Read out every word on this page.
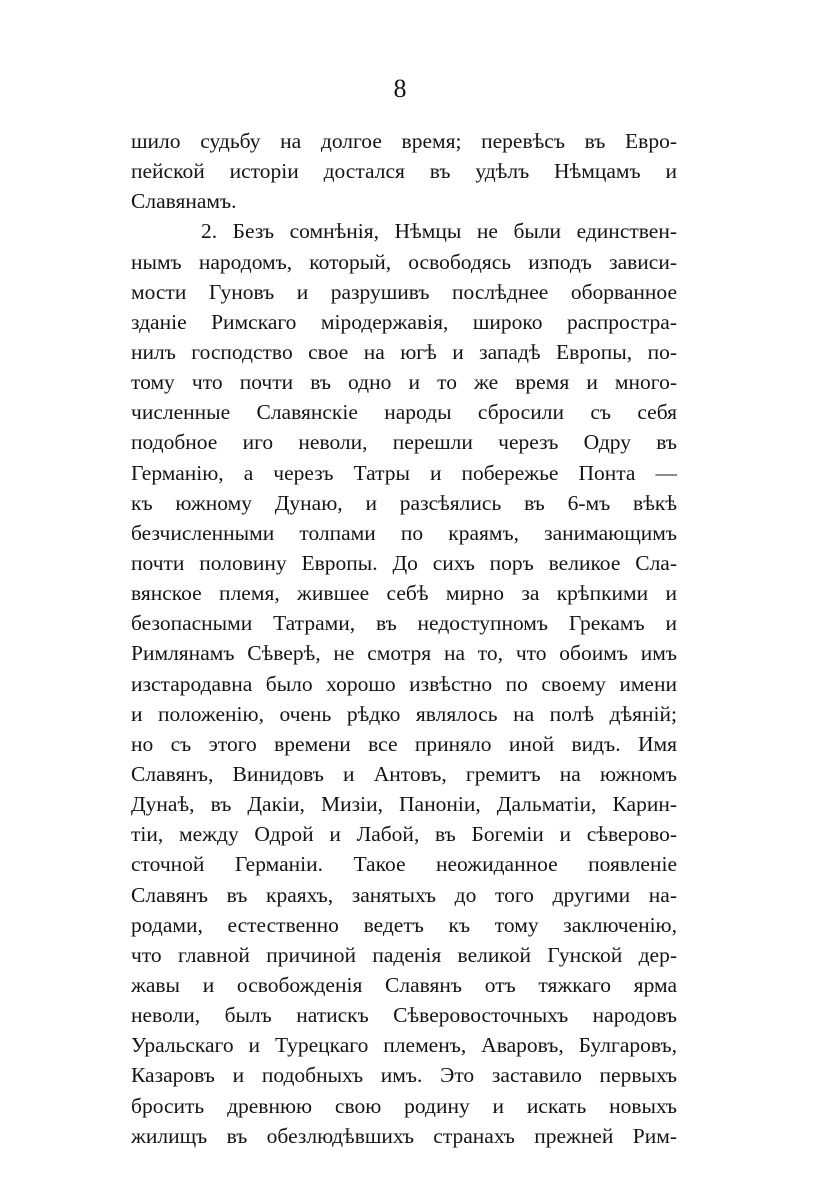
8
шило судьбу на долгое время; перевѣсъ въ Евро-
пейской исторіи достался въ удѣлъ Нѣмцамъ и
Славянамъ.
2. Безъ сомнѣнія, Нѣмцы не были единствен-
нымъ народомъ, который, освободясь изподъ зависи-
мости Гуновъ и разрушивъ послѣднее оборванное
зданіе Римскаго міродержавія, широко распростра-
нилъ господство свое на югѣ и западѣ Европы, по-
тому что почти въ одно и то же время и много-
численные Славянскіе народы сбросили съ себя
подобное иго неволи, перешли черезъ Одру въ
Германію, а черезъ Татры и побережье Понта —
къ южному Дунаю, и разсѣялись въ 6-мъ вѣкѣ
безчисленными толпами по краямъ, занимающимъ
почти половину Европы. До сихъ поръ великое Сла-
вянское племя, жившее себѣ мирно за крѣпкими и
безопасными Татрами, въ недоступномъ Грекамъ и
Римлянамъ Сѣверѣ, не смотря на то, что обоимъ имъ
изстародавна было хорошо извѣстно по своему имени
и положенію, очень рѣдко являлось на полѣ дѣяній;
но съ этого времени все приняло иной видъ. Имя
Славянъ, Винидовъ и Антовъ, гремитъ на южномъ
Дунаѣ, въ Дакіи, Мизіи, Паноніи, Дальматіи, Карин-
тіи, между Одрой и Лабой, въ Богеміи и сѣверово-
сточной Германіи. Такое неожиданное появленіе
Славянъ въ краяхъ, занятыхъ до того другими на-
родами, естественно ведетъ къ тому заключенію,
что главной причиной паденія великой Гунской дер-
жавы и освобожденія Славянъ отъ тяжкаго ярма
неволи, былъ натискъ Сѣверовосточныхъ народовъ
Уральскаго и Турецкаго племенъ, Аваровъ, Булгаровъ,
Казаровъ и подобныхъ имъ. Это заставило первыхъ
бросить древнюю свою родину и искать новыхъ
жилищъ въ обезлюдѣвшихъ странахъ прежней Рим-
